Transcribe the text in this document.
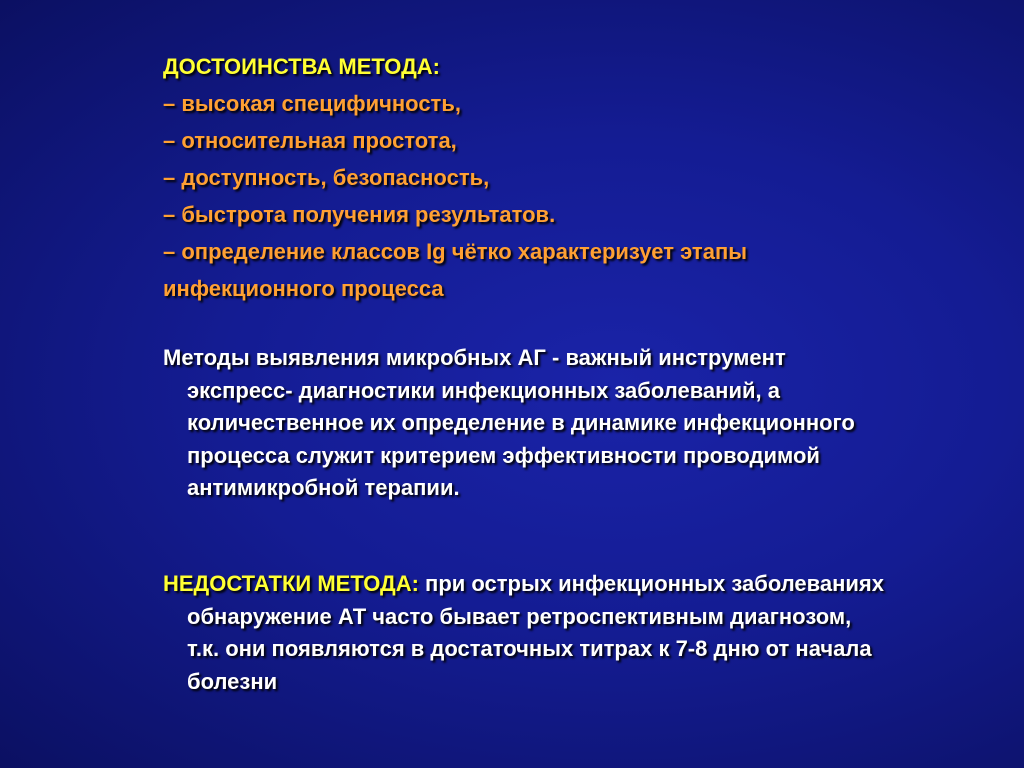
ДОСТОИНСТВА МЕТОДА:
– высокая специфичность,
– относительная простота,
– доступность, безопасность,
– быстрота получения результатов.
– определение классов Ig чётко характеризует этапы
инфекционного процесса
Методы выявления микробных АГ - важный инструмент экспресс- диагностики инфекционных заболеваний, а количественное их определение в динамике инфекционного процесса служит критерием эффективности проводимой антимикробной терапии.
НЕДОСТАТКИ МЕТОДА: при острых инфекционных заболеваниях обнаружение АТ часто бывает ретроспективным диагнозом, т.к. они появляются в достаточных титрах к 7-8 дню от начала болезни
